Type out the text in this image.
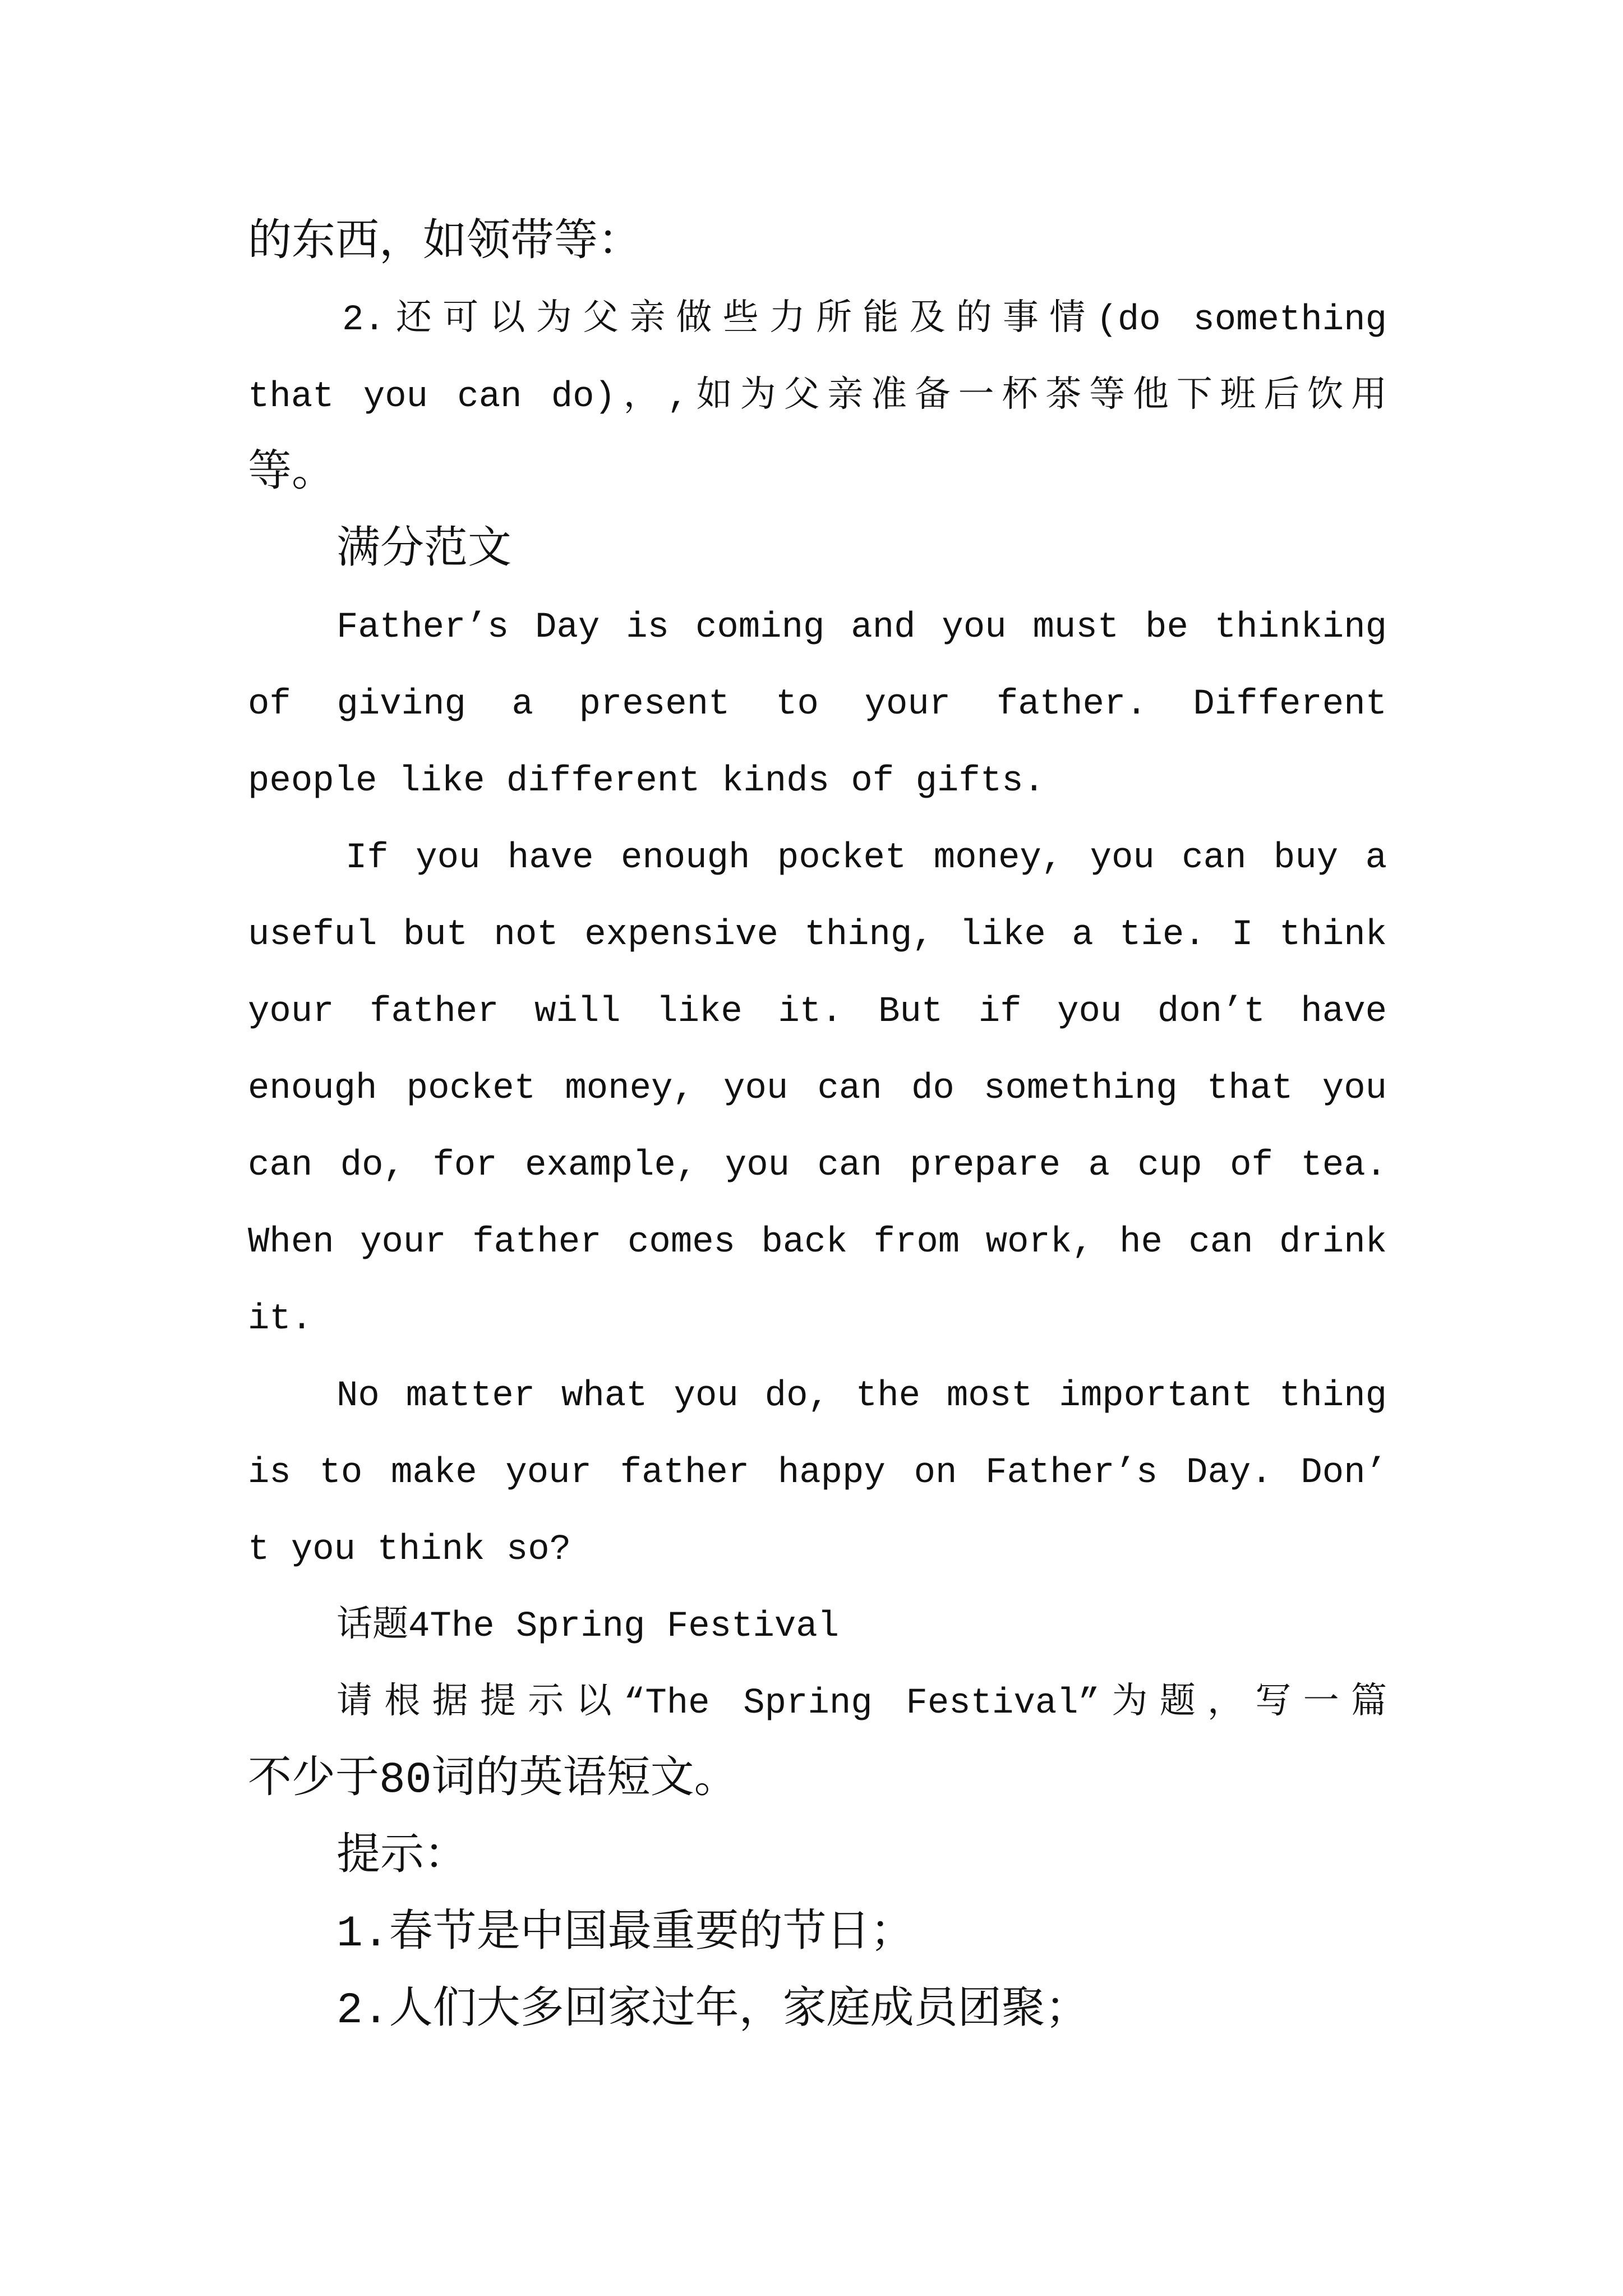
的东西，如领带等：
2.还可以为父亲做些力所能及的事情(do something
that you can do)，,如为父亲准备一杯茶等他下班后饮用
等。
满分范文
Father’s Day is coming and you must be thinking
of giving a present to your father. Different
people like different kinds of gifts.
If you have enough pocket money, you can buy a
useful but not expensive thing, like a tie. I think
your father will like it. But if you don’t have
enough pocket money, you can do something that you
can do, for example, you can prepare a cup of tea.
When your father comes back from work, he can drink
it.
No matter what you do, the most important thing
is to make your father happy on Father’s Day. Don’
t you think so?
话题4The Spring Festival
请根据提示以“The Spring Festival”为题，写一篇
不少于80词的英语短文。
提示：
1.春节是中国最重要的节日；
2.人们大多回家过年，家庭成员团聚；
